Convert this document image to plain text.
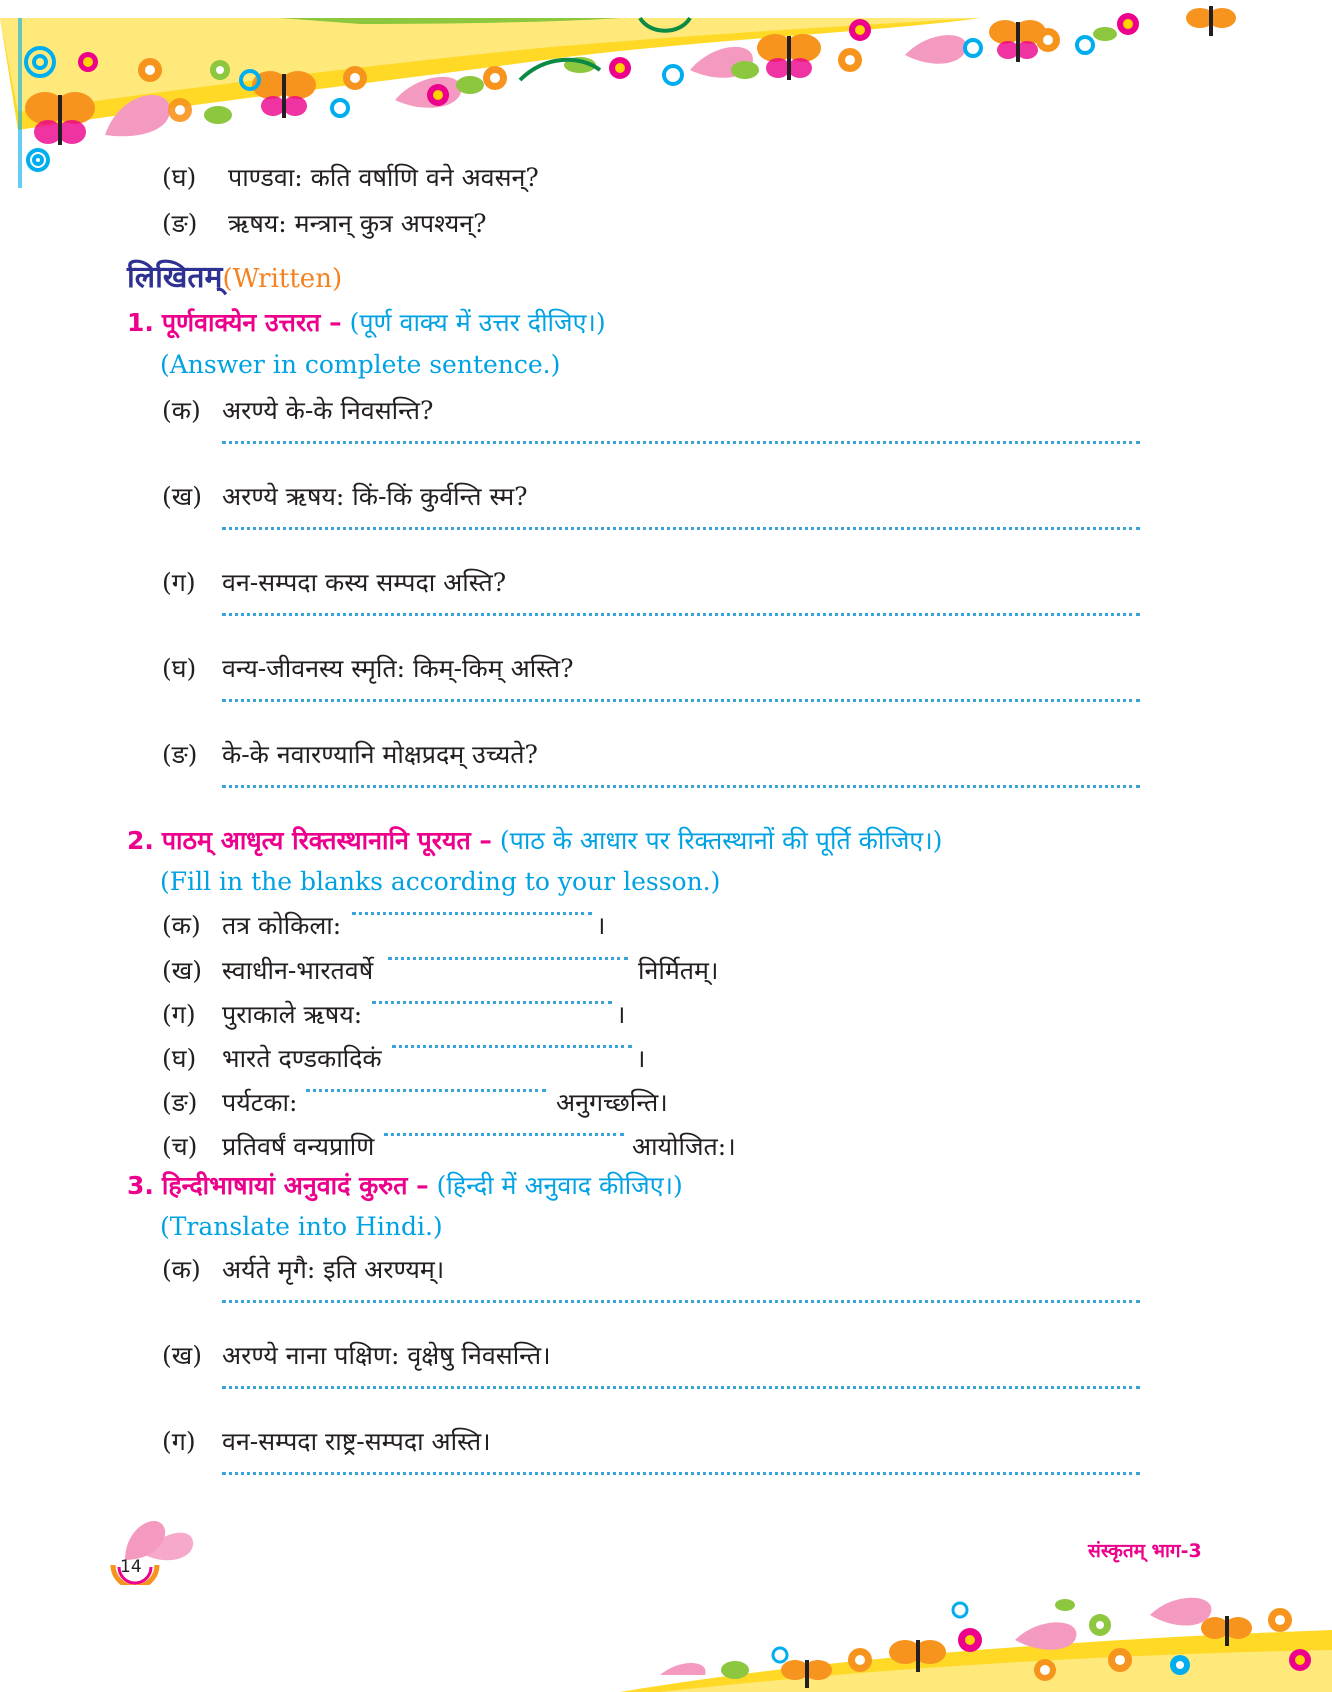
(घ) पाण्डवा: कति वर्षाणि वने अवसन्?
(ङ) ऋषय: मन्त्रान् कुत्र अपश्यन्?
लिखितम्(Written)
1. पूर्णवाक्येन उत्तरत – (पूर्ण वाक्य में उत्तर दीजिए।)
(Answer in complete sentence.)
(क) अरण्ये के-के निवसन्ति?
(ख) अरण्ये ऋषय: किं-किं कुर्वन्ति स्म?
(ग) वन-सम्पदा कस्य सम्पदा अस्ति?
(घ) वन्य-जीवनस्य स्मृति: किम्-किम् अस्ति?
(ङ) के-के नवारण्यानि मोक्षप्रदम् उच्यते?
2. पाठम् आधृत्य रिक्तस्थानानि पूरयत – (पाठ के आधार पर रिक्तस्थानों की पूर्ति कीजिए।)
(Fill in the blanks according to your lesson.)
(क) तत्र कोकिला:	।
(ख) स्वाधीन-भारतवर्षे	निर्मितम्।
(ग) पुराकाले ऋषय:	।
(घ) भारते दण्डकादिकं	।
(ङ) पर्यटका:	अनुगच्छन्ति।
(च) प्रतिवर्षं वन्यप्राणि	आयोजित:।
3. हिन्दीभाषायां अनुवादं कुरुत – (हिन्दी में अनुवाद कीजिए।)
(Translate into Hindi.)
(क) अर्यते मृगै: इति अरण्यम्।
(ख) अरण्ये नाना पक्षिण: वृक्षेषु निवसन्ति।
(ग) वन-सम्पदा राष्ट्र-सम्पदा अस्ति।
14
संस्कृतम् भाग-3
